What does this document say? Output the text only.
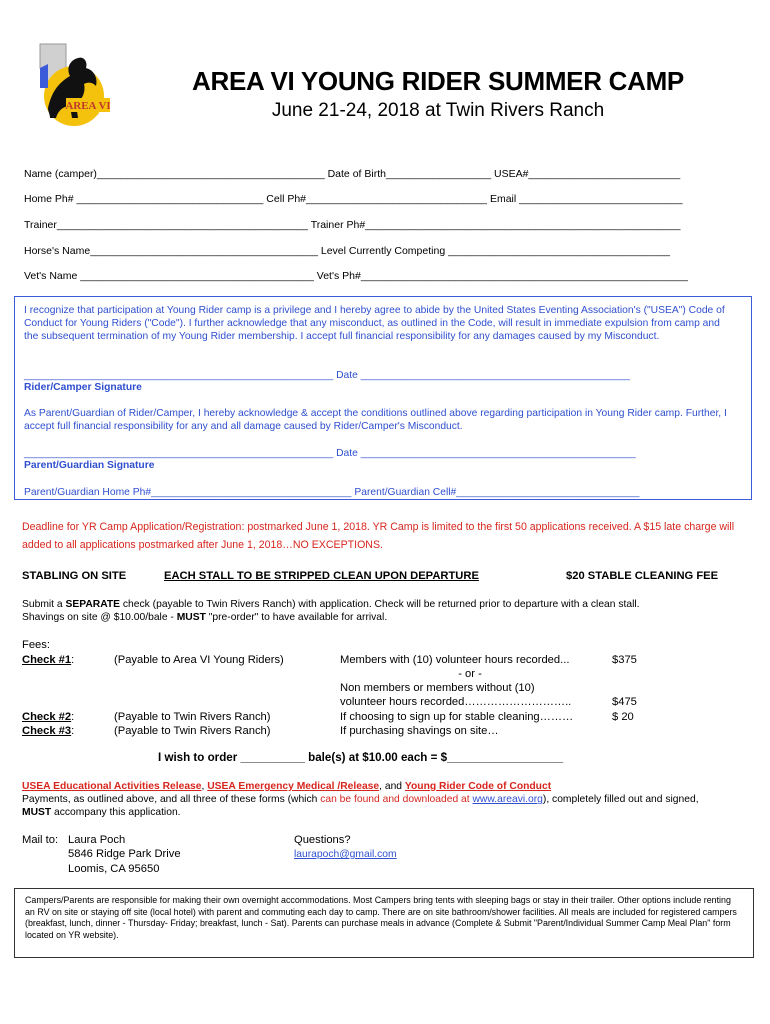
AREA VI
AREA VI YOUNG RIDER SUMMER CAMP
June 21-24, 2018 at Twin Rivers Ranch
Name (camper)_______________________________________ Date of Birth__________________ USEA#__________________________
Home Ph# ________________________________ Cell Ph#_______________________________ Email ____________________________
Trainer___________________________________________ Trainer Ph#______________________________________________________
Horse's Name_______________________________________ Level Currently Competing ______________________________________
Vet's Name ________________________________________ Vet's Ph#________________________________________________________
I recognize that participation at Young Rider camp is a privilege and I hereby agree to abide by the United States Eventing Association's ("USEA") Code of Conduct for Young Riders ("Code"). I further acknowledge that any misconduct, as outlined in the Code, will result in immediate expulsion from camp and the subsequent termination of my Young Rider membership. I accept full financial responsibility for any damages caused by my Misconduct.
______________________________________________________ Date _______________________________________________
Rider/Camper Signature
As Parent/Guardian of Rider/Camper, I hereby acknowledge & accept the conditions outlined above regarding participation in Young Rider camp. Further, I accept full financial responsibility for any and all damage caused by Rider/Camper's Misconduct.
______________________________________________________ Date ________________________________________________
Parent/Guardian Signature
Parent/Guardian Home Ph#___________________________________ Parent/Guardian Cell#________________________________
Deadline for YR Camp Application/Registration: postmarked June 1, 2018. YR Camp is limited to the first 50 applications received. A $15 late charge will added to all applications postmarked after June 1, 2018…NO EXCEPTIONS.
STABLING ON SITE	EACH STALL TO BE STRIPPED CLEAN UPON DEPARTURE	$20 STABLE CLEANING FEE
Submit a SEPARATE check (payable to Twin Rivers Ranch) with application. Check will be returned prior to departure with a clean stall.
Shavings on site @ $10.00/bale - MUST "pre-order" to have available for arrival.
Fees:
Check #1:	(Payable to Area VI Young Riders)	Members with (10) volunteer hours recorded...	$375
- or -
Non members or members without (10)
volunteer hours recorded………………………..	$475
Check #2:	(Payable to Twin Rivers Ranch)	If choosing to sign up for stable cleaning………	$ 20
Check #3:	(Payable to Twin Rivers Ranch)	If purchasing shavings on site…
I wish to order __________ bale(s) at $10.00 each = $__________________
USEA Educational Activities Release, USEA Emergency Medical /Release, and Young Rider Code of Conduct
Payments, as outlined above, and all three of these forms (which can be found and downloaded at www.areavi.org), completely filled out and signed,
MUST accompany this application.
Mail to: Laura Poch
5846 Ridge Park Drive
Loomis, CA 95650
Questions?
laurapoch@gmail.com
Campers/Parents are responsible for making their own overnight accommodations. Most Campers bring tents with sleeping bags or stay in their trailer. Other options include renting an RV on site or staying off site (local hotel) with parent and commuting each day to camp. There are on site bathroom/shower facilities. All meals are included for registered campers (breakfast, lunch, dinner - Thursday- Friday; breakfast, lunch - Sat). Parents can purchase meals in advance (Complete & Submit "Parent/Individual Summer Camp Meal Plan" form located on YR website).
